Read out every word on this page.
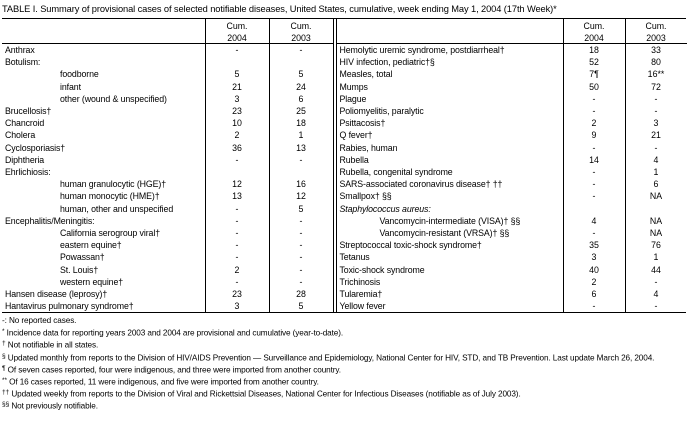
TABLE I. Summary of provisional cases of selected notifiable diseases, United States, cumulative, week ending May 1, 2004 (17th Week)*

Cum.
2004

Cum.
2003

Anthrax	-	-
Botulism:		
foodborne	5	5
infant	21	24
other (wound & unspecified)	3	6
Brucellosis†	23	25
Chancroid	10	18
Cholera	2	1
Cyclosporiasis†	36	13
Diphtheria	-	-
Ehrlichiosis:		
human granulocytic (HGE)†	12	16
human monocytic (HME)†	13	12
human, other and unspecified	-	5
Encephalitis/Meningitis:	-	-
California serogroup viral†	-	-
eastern equine†	-	-
Powassan†	-	-
St. Louis†	2	-
western equine†	-	-
Hansen disease (leprosy)†	23	28
Hantavirus pulmonary syndrome†	3	5

Cum.
2004

Cum.
2003

Hemolytic uremic syndrome, postdiarrheal†	18	33
HIV infection, pediatric†§	52	80
Measles, total	7¶	16**
Mumps	50	72
Plague	-	-
Poliomyelitis, paralytic	-	-
Psittacosis†	2	3
Q fever†	9	21
Rabies, human	-	-
Rubella	14	4
Rubella, congenital syndrome	-	1
SARS-associated coronavirus disease† ††	-	6
Smallpox† §§	-	NA
Staphylococcus aureus:		
Vancomycin-intermediate (VISA)† §§	4	NA
Vancomycin-resistant (VRSA)† §§	-	NA
Streptococcal toxic-shock syndrome†	35	76
Tetanus	3	1
Toxic-shock syndrome	40	44
Trichinosis	2	-
Tularemia†	6	4
Yellow fever	-	-
-: No reported cases.
* Incidence data for reporting years 2003 and 2004 are provisional and cumulative (year-to-date).
† Not notifiable in all states.
§ Updated monthly from reports to the Division of HIV/AIDS Prevention — Surveillance and Epidemiology, National Center for HIV, STD, and TB Prevention. Last update March 26, 2004.
¶ Of seven cases reported, four were indigenous, and three were imported from another country.
** Of 16 cases reported, 11 were indigenous, and five were imported from another country.
†† Updated weekly from reports to the Division of Viral and Rickettsial Diseases, National Center for Infectious Diseases (notifiable as of July 2003).
§§ Not previously notifiable.
